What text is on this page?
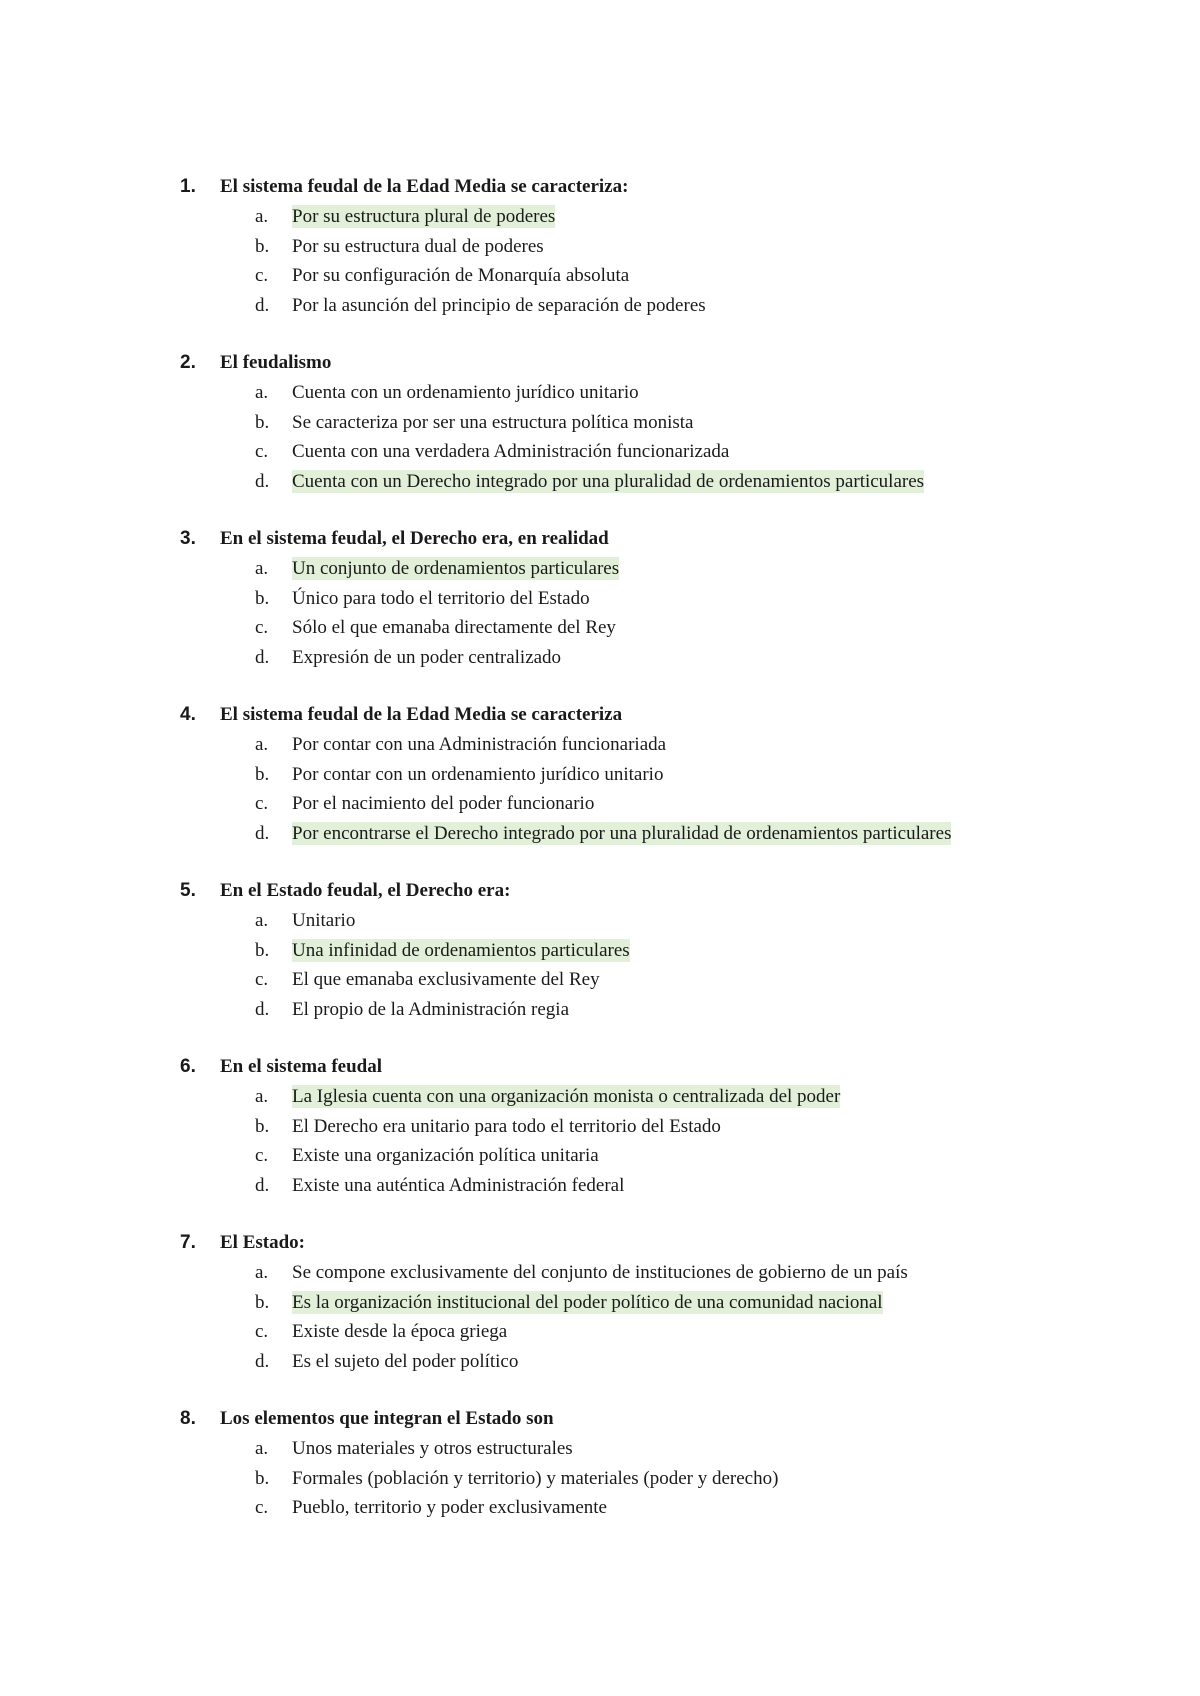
1. El sistema feudal de la Edad Media se caracteriza:
a.	Por su estructura plural de poderes
b.	Por su estructura dual de poderes
c.	Por su configuración de Monarquía absoluta
d.	Por la asunción del principio de separación de poderes
2. El feudalismo
a.	Cuenta con un ordenamiento jurídico unitario
b.	Se caracteriza por ser una estructura política monista
c.	Cuenta con una verdadera Administración funcionarizada
d.	Cuenta con un Derecho integrado por una pluralidad de ordenamientos particulares
3. En el sistema feudal, el Derecho era, en realidad
a.	Un conjunto de ordenamientos particulares
b.	Único para todo el territorio del Estado
c.	Sólo el que emanaba directamente del Rey
d.	Expresión de un poder centralizado
4. El sistema feudal de la Edad Media se caracteriza
a.	Por contar con una Administración funcionariada
b.	Por contar con un ordenamiento jurídico unitario
c.	Por el nacimiento del poder funcionario
d.	Por encontrarse el Derecho integrado por una pluralidad de ordenamientos particulares
5. En el Estado feudal, el Derecho era:
a.	Unitario
b.	Una infinidad de ordenamientos particulares
c.	El que emanaba exclusivamente del Rey
d.	El propio de la Administración regia
6. En el sistema feudal
a.	La Iglesia cuenta con una organización monista o centralizada del poder
b.	El Derecho era unitario para todo el territorio del Estado
c.	Existe una organización política unitaria
d.	Existe una auténtica Administración federal
7. El Estado:
a.	Se compone exclusivamente del conjunto de instituciones de gobierno de un país
b.	Es la organización institucional del poder político de una comunidad nacional
c.	Existe desde la época griega
d.	Es el sujeto del poder político
8. Los elementos que integran el Estado son
a.	Unos materiales y otros estructurales
b.	Formales (población y territorio) y materiales (poder y derecho)
c.	Pueblo, territorio y poder exclusivamente
